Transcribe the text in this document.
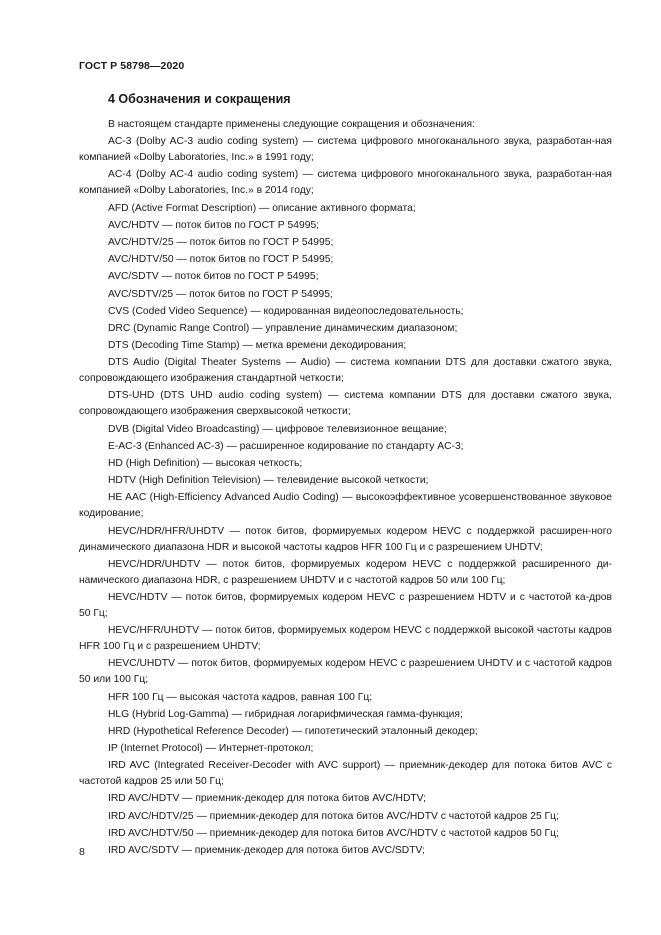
ГОСТ Р 58798—2020
4 Обозначения и сокращения

В настоящем стандарте применены следующие сокращения и обозначения:

AC-3 (Dolby AC-3 audio coding system) — система цифрового многоканального звука, разработан-ная компанией «Dolby Laboratories, Inc.» в 1991 году;

AC-4 (Dolby AC-4 audio coding system) — система цифрового многоканального звука, разработан-ная компанией «Dolby Laboratories, Inc.» в 2014 году;

AFD (Active Format Description) — описание активного формата;

AVC/HDTV — поток битов по ГОСТ Р 54995;

AVC/HDTV/25 — поток битов по ГОСТ Р 54995;

AVC/HDTV/50 — поток битов по ГОСТ Р 54995;

AVC/SDTV — поток битов по ГОСТ Р 54995;

AVC/SDTV/25 — поток битов по ГОСТ Р 54995;

CVS (Coded Video Sequence) — кодированная видеопоследовательность;

DRC (Dynamic Range Control) — управление динамическим диапазоном;

DTS (Decoding Time Stamp) — метка времени декодирования;

DTS Audio (Digital Theater Systems — Audio) — система компании DTS для доставки сжатого звука, сопровождающего изображения стандартной четкости;

DTS-UHD (DTS UHD audio coding system) — система компании DTS для доставки сжатого звука, сопровождающего изображения сверхвысокой четкости;

DVB (Digital Video Broadcasting) — цифровое телевизионное вещание;

E-AC-3 (Enhanced AC-3) — расширенное кодирование по стандарту AC-3;

HD (High Definition) — высокая четкость;

HDTV (High Definition Television) — телевидение высокой четкости;

HE AAC (High-Efficiency Advanced Audio Coding) — высокоэффективное усовершенствованное звуковое кодирование;

HEVC/HDR/HFR/UHDTV — поток битов, формируемых кодером HEVC с поддержкой расширен-ного динамического диапазона HDR и высокой частоты кадров HFR 100 Гц и с разрешением UHDTV;

HEVC/HDR/UHDTV — поток битов, формируемых кодером HEVC с поддержкой расширенного ди-намического диапазона HDR, с разрешением UHDTV и с частотой кадров 50 или 100 Гц;

HEVC/HDTV — поток битов, формируемых кодером HEVC с разрешением HDTV и с частотой ка-дров 50 Гц;

HEVC/HFR/UHDTV — поток битов, формируемых кодером HEVC с поддержкой высокой частоты кадров HFR 100 Гц и с разрешением UHDTV;

HEVC/UHDTV — поток битов, формируемых кодером HEVC с разрешением UHDTV и с частотой кадров 50 или 100 Гц;

HFR 100 Гц — высокая частота кадров, равная 100 Гц;

HLG (Hybrid Log-Gamma) — гибридная логарифмическая гамма-функция;

HRD (Hypothetical Reference Decoder) — гипотетический эталонный декодер;

IP (Internet Protocol) — Интернет-протокол;

IRD AVC (Integrated Receiver-Decoder with AVC support) — приемник-декодер для потока битов AVC с частотой кадров 25 или 50 Гц;

IRD AVC/HDTV — приемник-декодер для потока битов AVC/HDTV;

IRD AVC/HDTV/25 — приемник-декодер для потока битов AVC/HDTV с частотой кадров 25 Гц;

IRD AVC/HDTV/50 — приемник-декодер для потока битов AVC/HDTV с частотой кадров 50 Гц;

IRD AVC/SDTV — приемник-декодер для потока битов AVC/SDTV;

8
